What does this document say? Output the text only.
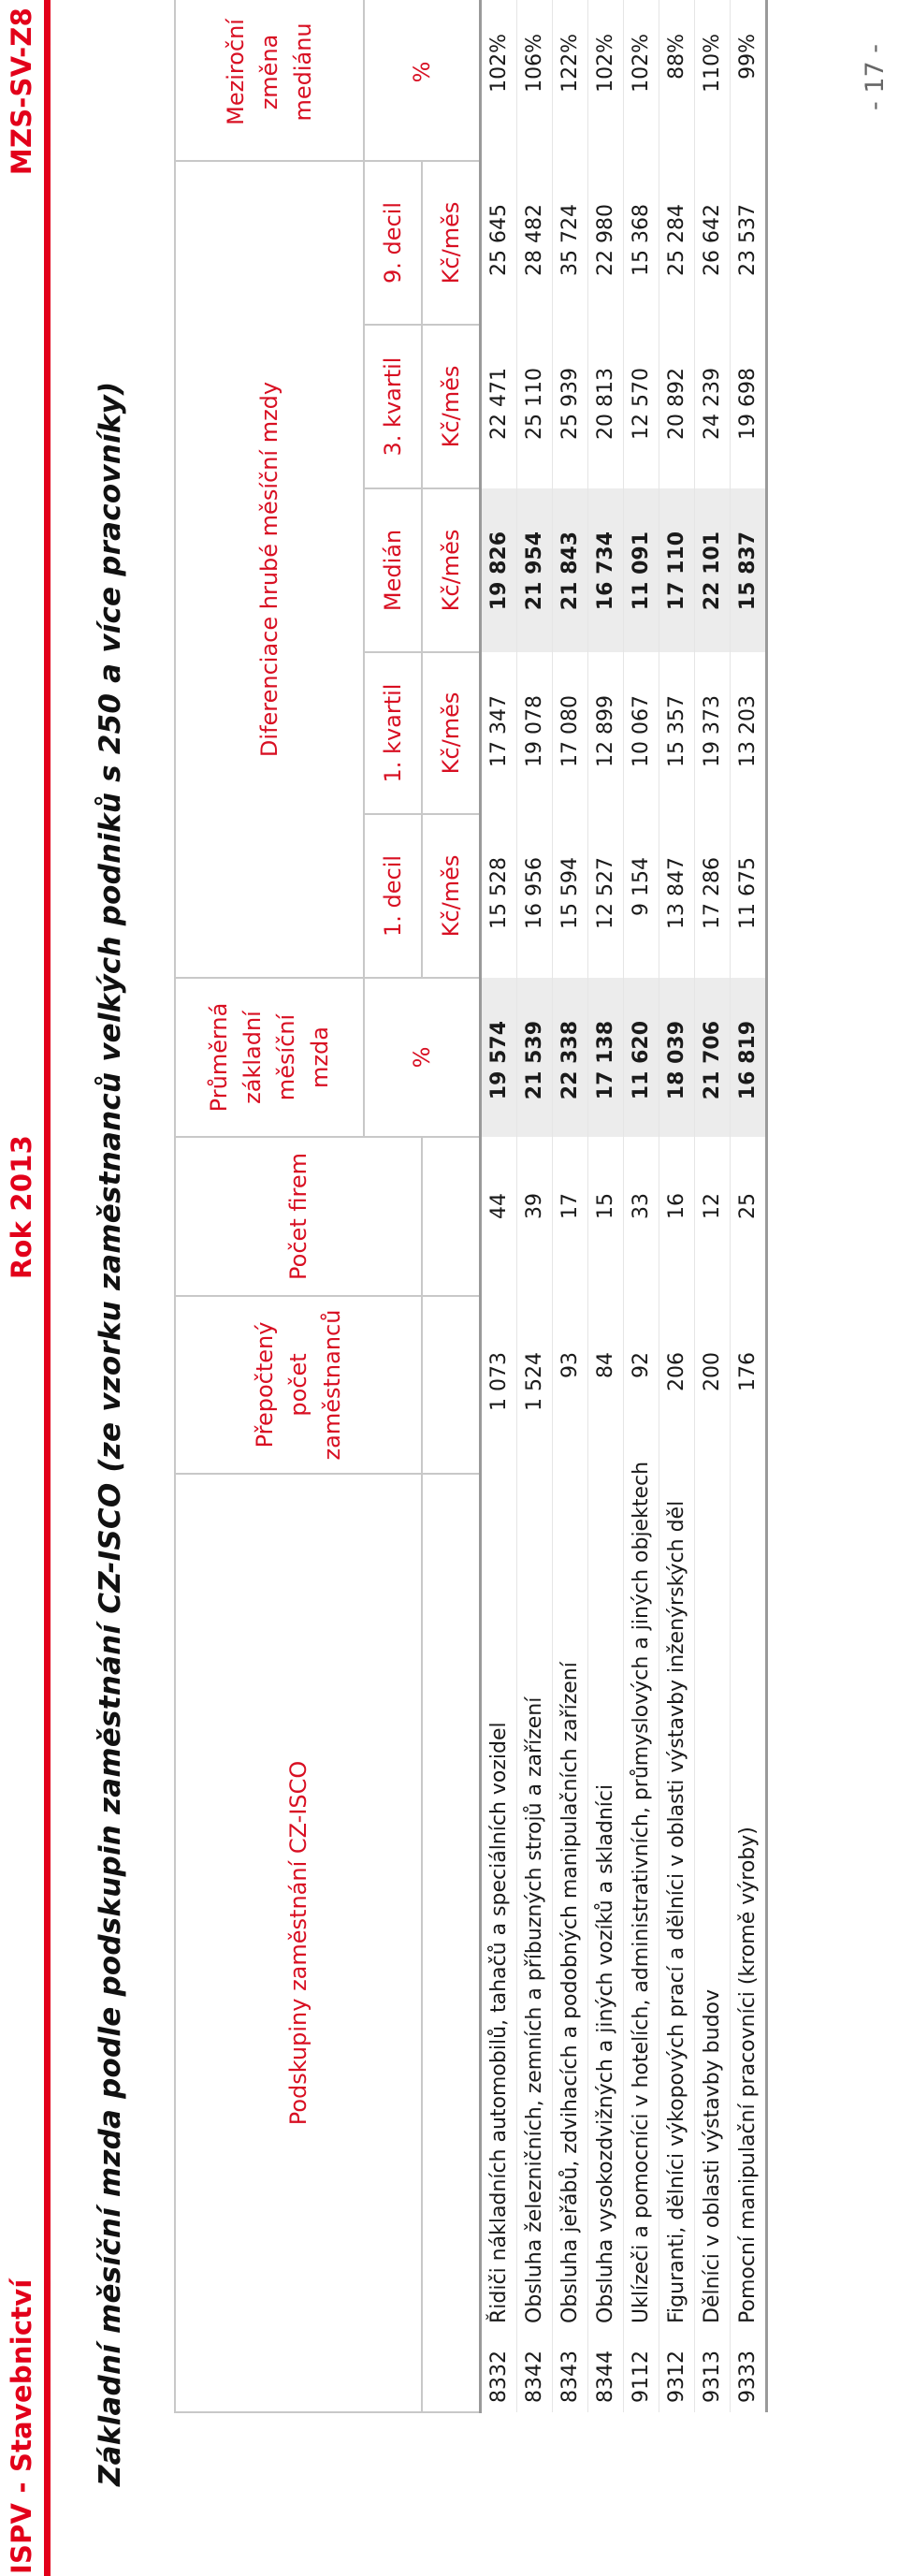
ISPV - Stavebnictví
Rok 2013
MZS-SV-Z8
Základní měsíční mzda podle podskupin zaměstnání CZ-ISCO (ze vzorku zaměstnanců velkých podniků s 250 a více pracovníky)	Podskupiny zaměstnání CZ-ISCO		Přepočtený počet zaměstnanců	Počet firem	Průměrná základní měsíční mzda	Diferenciace hrubé měsíční mzdy					Meziroční změna mediánu
				%	1. decil	1. kvartil	Medián	3. kvartil	9. decil	%
					Kč/měs	Kč/měs	Kč/měs	Kč/měs	Kč/měs	
8332	Řidiči nákladních automobilů, tahačů a speciálních vozidel	1 073	44	19 574	15 528	17 347	19 826	22 471	25 645	102%
8342	Obsluha železničních, zemních a příbuzných strojů a zařízení	1 524	39	21 539	16 956	19 078	21 954	25 110	28 482	106%
8343	Obsluha jeřábů, zdvihacích a podobných manipulačních zařízení	93	17	22 338	15 594	17 080	21 843	25 939	35 724	122%
8344	Obsluha vysokozdvižných a jiných vozíků a skladníci	84	15	17 138	12 527	12 899	16 734	20 813	22 980	102%
9112	Uklízeči a pomocníci v hotelích, administrativních, průmyslových a jiných objektech	92	33	11 620	9 154	10 067	11 091	12 570	15 368	102%
9312	Figuranti, dělníci výkopových prací a dělníci v oblasti výstavby inženýrských děl	206	16	18 039	13 847	15 357	17 110	20 892	25 284	88%
9313	Dělníci v oblasti výstavby budov	200	12	21 706	17 286	19 373	22 101	24 239	26 642	110%
9333	Pomocní manipulační pracovníci (kromě výroby)	176	25	16 819	11 675	13 203	15 837	19 698	23 537	99%	- 17 -
